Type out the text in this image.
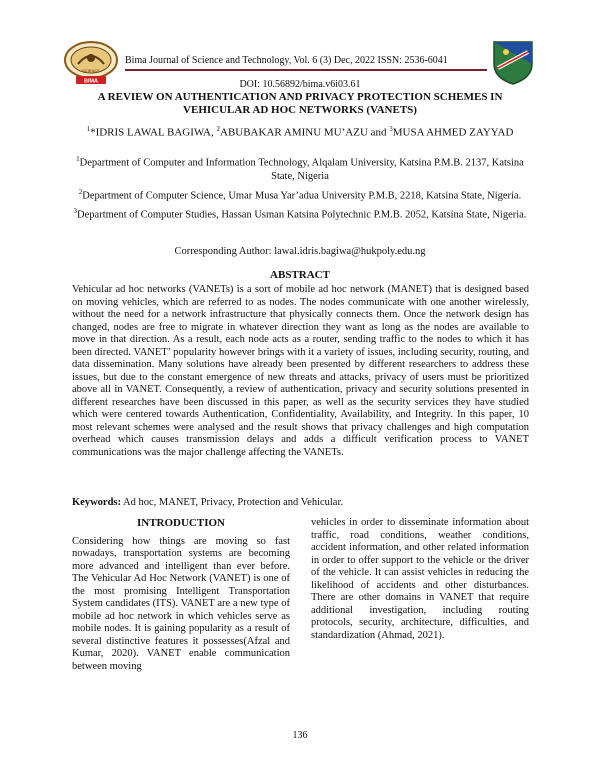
BIMA
SCIENCE
Bima Journal of Science and Technology, Vol. 6 (3) Dec, 2022 ISSN: 2536-6041
DOI: 10.56892/bima.v6i03.61
A REVIEW ON AUTHENTICATION AND PRIVACY PROTECTION SCHEMES IN VEHICULAR AD HOC NETWORKS (VANETS)
$^1$*IDRIS LAWAL BAGIWA, $^2$ABUBAKAR AMINU MU’AZU and $^3$MUSA AHMED ZAYYAD

$^1$Department of Computer and Information Technology, Alqalam University, Katsina P.M.B. 2137, Katsina State, Nigeria

$^2$Department of Computer Science, Umar Musa Yar’adua University P.M.B, 2218, Katsina State, Nigeria.

$^3$Department of Computer Studies, Hassan Usman Katsina Polytechnic P.M.B. 2052, Katsina State, Nigeria.

Corresponding Author: lawal.idris.bagiwa@hukpoly.edu.ng
ABSTRACT

Vehicular ad hoc networks (VANETs) is a sort of mobile ad hoc network (MANET) that is designed based on moving vehicles, which are referred to as nodes. The nodes communicate with one another wirelessly, without the need for a network infrastructure that physically connects them. Once the network design has changed, nodes are free to migrate in whatever direction they want as long as the nodes are available to move in that direction. As a result, each node acts as a router, sending traffic to the nodes to which it has been directed. VANET’ popularity however brings with it a variety of issues, including security, routing, and data dissemination. Many solutions have already been presented by different researchers to address these issues, but due to the constant emergence of new threats and attacks, privacy of users must be prioritized above all in VANET. Consequently, a review of authentication, privacy and security solutions presented in different researches have been discussed in this paper, as well as the security services they have studied which were centered towards Authentication, Confidentiality, Availability, and Integrity. In this paper, 10 most relevant schemes were analysed and the result shows that privacy challenges and high computation overhead which causes transmission delays and adds a difficult verification process to VANET communications was the major challenge affecting the VANETs.

Keywords: Ad hoc, MANET, Privacy, Protection and Vehicular.
INTRODUCTION

Considering how things are moving so fast nowadays, transportation systems are becoming more advanced and intelligent than ever before. The Vehicular Ad Hoc Network (VANET) is one of the most promising Intelligent Transportation System candidates (ITS). VANET are a new type of mobile ad hoc network in which vehicles serve as mobile nodes. It is gaining popularity as a result of several distinctive features it possesses(Afzal and Kumar, 2020). VANET enable communication between moving

vehicles in order to disseminate information about traffic, road conditions, weather conditions, accident information, and other related information in order to offer support to the vehicle or the driver of the vehicle. It can assist vehicles in reducing the likelihood of accidents and other disturbances. There are other domains in VANET that require additional investigation, including routing protocols, security, architecture, difficulties, and standardization (Ahmad, 2021).

136
